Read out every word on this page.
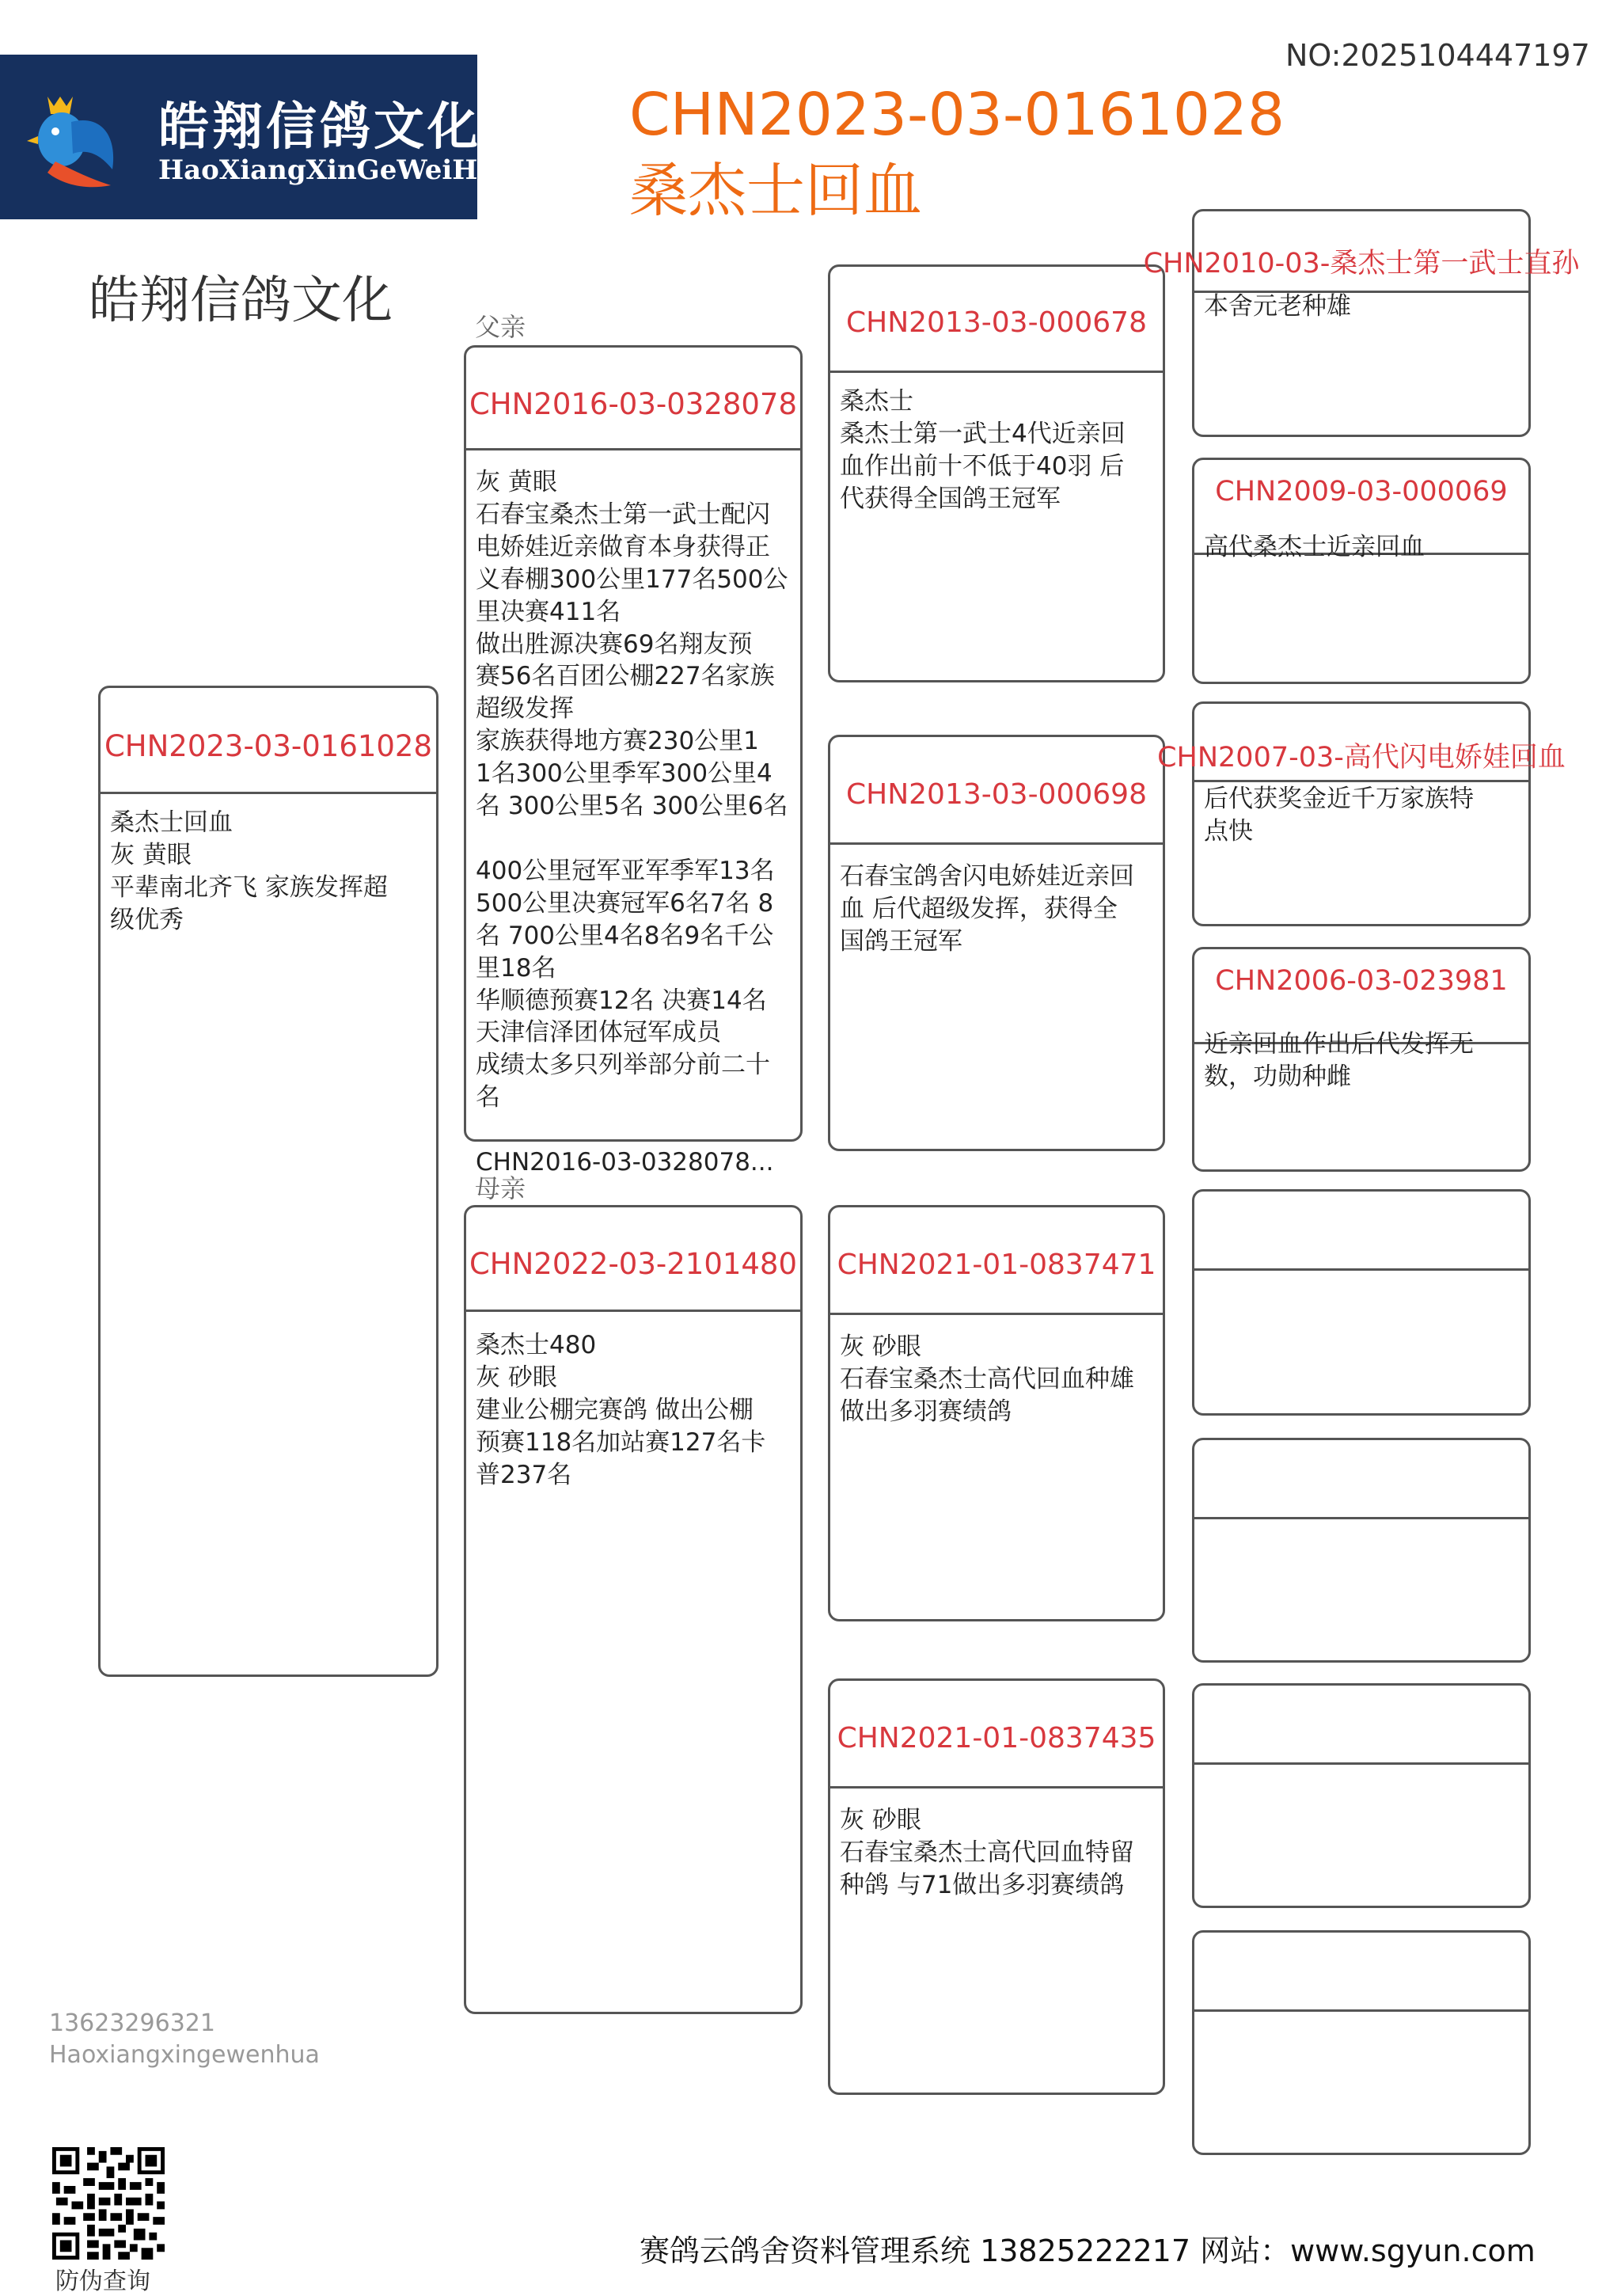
皓翔信鸽文化
HaoXiangXinGeWeiHua
NO:2025104447197
CHN2023-03-0161028
桑杰士回血
皓翔信鸽文化	父亲
母亲
CHN2023-03-0161028
桑杰士回血
灰 黄眼
平辈南北齐飞 家族发挥超
级优秀
CHN2016-03-0328078
灰 黄眼
石春宝桑杰士第一武士配闪
电娇娃近亲做育本身获得正
义春棚300公里177名500公
里决赛411名
做出胜源决赛69名翔友预
赛56名百团公棚227名家族
超级发挥
家族获得地方赛230公里1
1名300公里季军300公里4
名 300公里5名 300公里6名

400公里冠军亚军季军13名
500公里决赛冠军6名7名 8
名 700公里4名8名9名千公
里18名
华顺德预赛12名 决赛14名
天津信泽团体冠军成员
成绩太多只列举部分前二十
名

CHN2016-03-0328078...
CHN2022-03-2101480
桑杰士480
灰 砂眼
建业公棚完赛鸽 做出公棚
预赛118名加站赛127名卡
普237名
CHN2013-03-000678
桑杰士
桑杰士第一武士4代近亲回
血作出前十不低于40羽 后
代获得全国鸽王冠军
CHN2013-03-000698
石春宝鸽舍闪电娇娃近亲回
血 后代超级发挥，获得全
国鸽王冠军
CHN2021-01-0837471
灰 砂眼
石春宝桑杰士高代回血种雄
做出多羽赛绩鸽
CHN2021-01-0837435
灰 砂眼
石春宝桑杰士高代回血特留
种鸽 与71做出多羽赛绩鸽
CHN2010-03-桑杰士第一武士直孙
本舍元老种雄
CHN2009-03-000069
高代桑杰士近亲回血
CHN2007-03-高代闪电娇娃回血
后代获奖金近千万家族特
点快
CHN2006-03-023981
近亲回血作出后代发挥无
数，功勋种雌
13623296321
Haoxiangxingewenhua
防伪查询
赛鸽云鸽舍资料管理系统 13825222217 网站：www.sgyun.com
